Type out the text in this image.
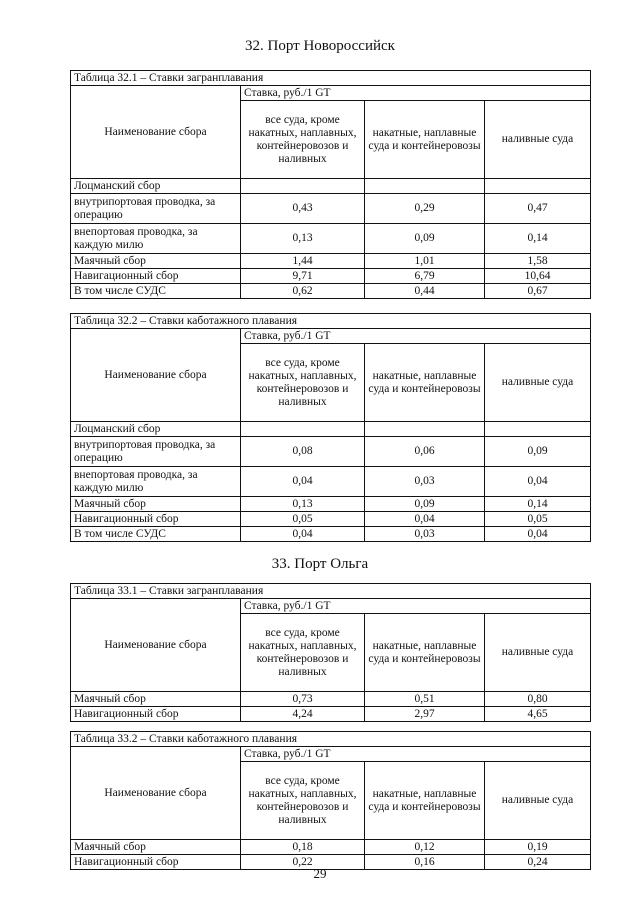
32. Порт Новороссийск
Таблица 32.1 – Ставки загранплавания			
Наименование сбора	Ставка, руб./1 GT		
	все суда, кроме накатных, наплавных, контейнеровозов и наливных	накатные, наплавные суда и контейнеровозы	наливные суда
Лоцманский сбор			
внутрипортовая проводка, за операцию	0,43	0,29	0,47
внепортовая проводка, за каждую милю	0,13	0,09	0,14
Маячный сбор	1,44	1,01	1,58
Навигационный сбор	9,71	6,79	10,64
В том числе СУДС	0,62	0,44	0,67
Таблица 32.2 – Ставки каботажного плавания			
Наименование сбора	Ставка, руб./1 GT		
	все суда, кроме накатных, наплавных, контейнеровозов и наливных	накатные, наплавные суда и контейнеровозы	наливные суда
Лоцманский сбор			
внутрипортовая проводка, за операцию	0,08	0,06	0,09
внепортовая проводка, за каждую милю	0,04	0,03	0,04
Маячный сбор	0,13	0,09	0,14
Навигационный сбор	0,05	0,04	0,05
В том числе СУДС	0,04	0,03	0,04
33. Порт Ольга
Таблица 33.1 – Ставки загранплавания			
Наименование сбора	Ставка, руб./1 GT		
	все суда, кроме накатных, наплавных, контейнеровозов и наливных	накатные, наплавные суда и контейнеровозы	наливные суда
Маячный сбор	0,73	0,51	0,80
Навигационный сбор	4,24	2,97	4,65
Таблица 33.2 – Ставки каботажного плавания			
Наименование сбора	Ставка, руб./1 GT		
	все суда, кроме накатных, наплавных, контейнеровозов и наливных	накатные, наплавные суда и контейнеровозы	наливные суда
Маячный сбор	0,18	0,12	0,19
Навигационный сбор	0,22	0,16	0,24
29
